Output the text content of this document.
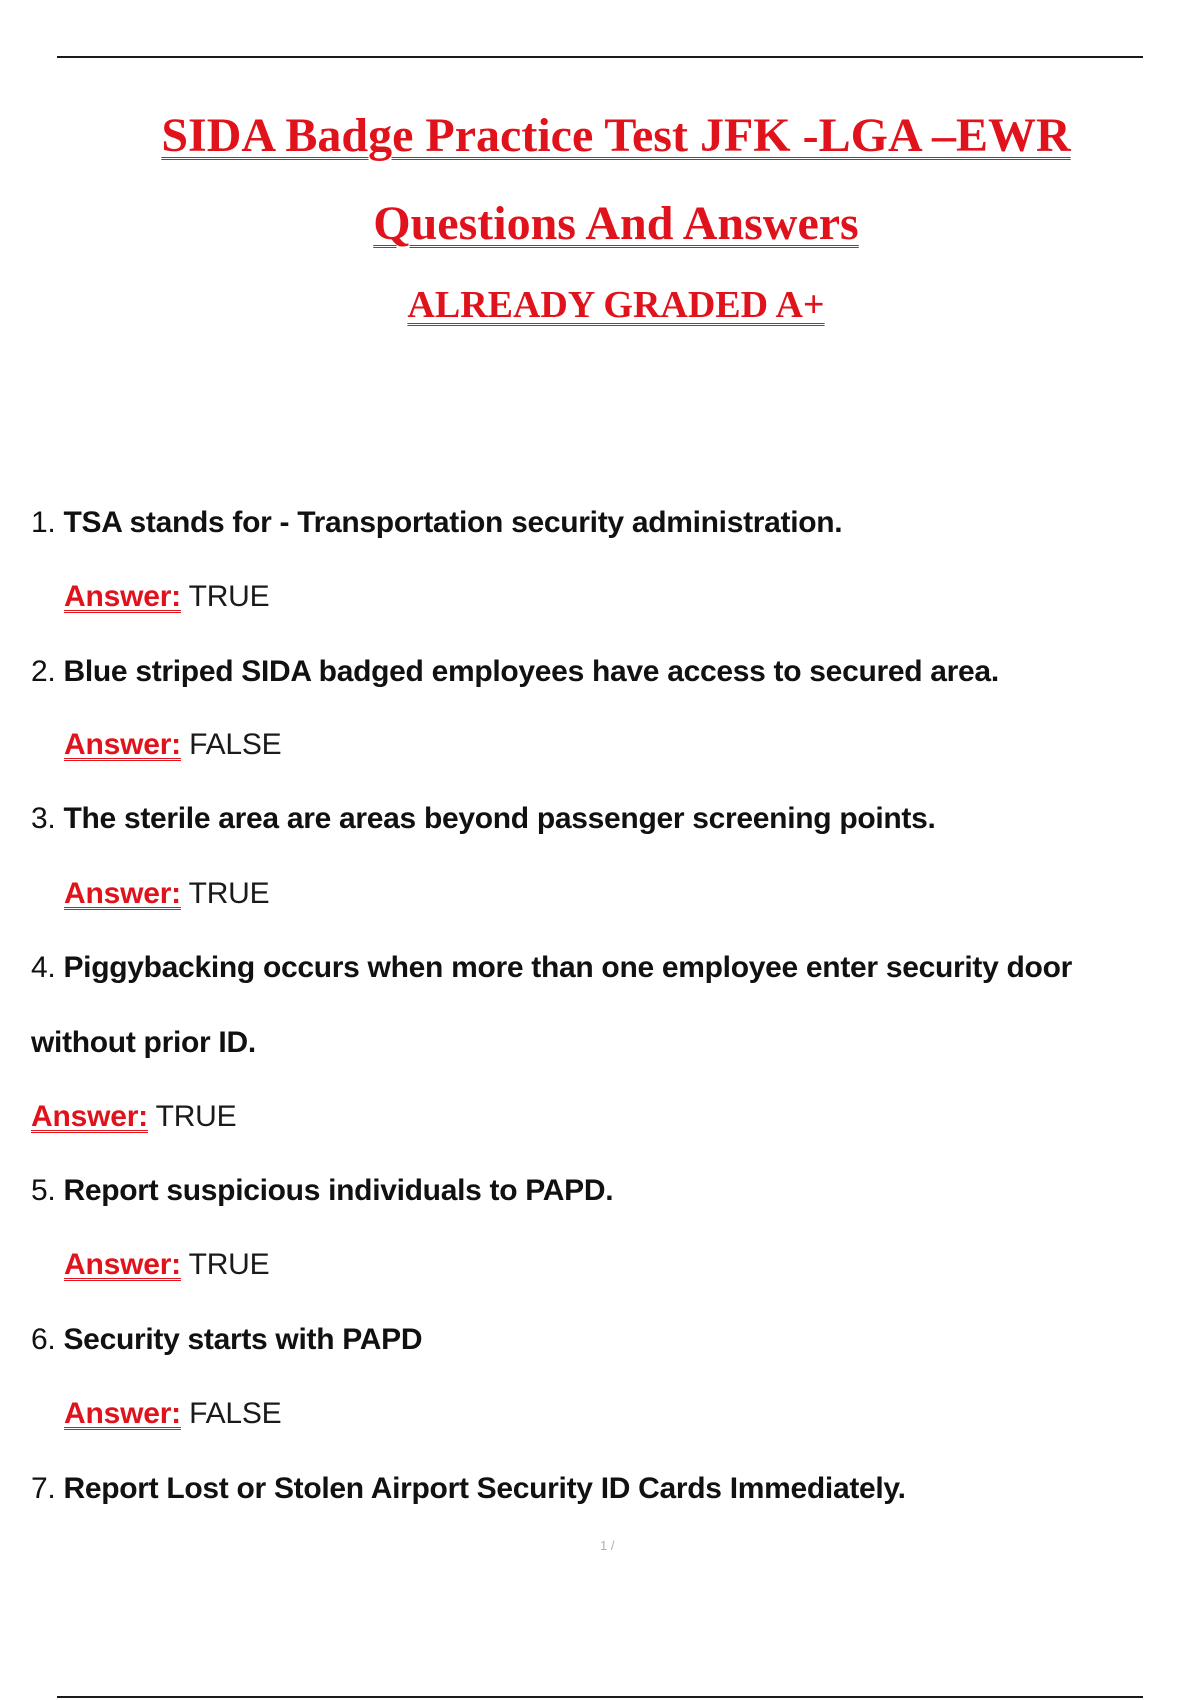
SIDA Badge Practice Test JFK -LGA –EWR
Questions And Answers
ALREADY GRADED A+
1. TSA stands for - Transportation security administration.
Answer: TRUE
2. Blue striped SIDA badged employees have access to secured area.
Answer: FALSE
3. The sterile area are areas beyond passenger screening points.
Answer: TRUE
4. Piggybacking occurs when more than one employee enter security door
without prior ID.
Answer: TRUE
5. Report suspicious individuals to PAPD.
Answer: TRUE
6. Security starts with PAPD
Answer: FALSE
7. Report Lost or Stolen Airport Security ID Cards Immediately.
1 /
